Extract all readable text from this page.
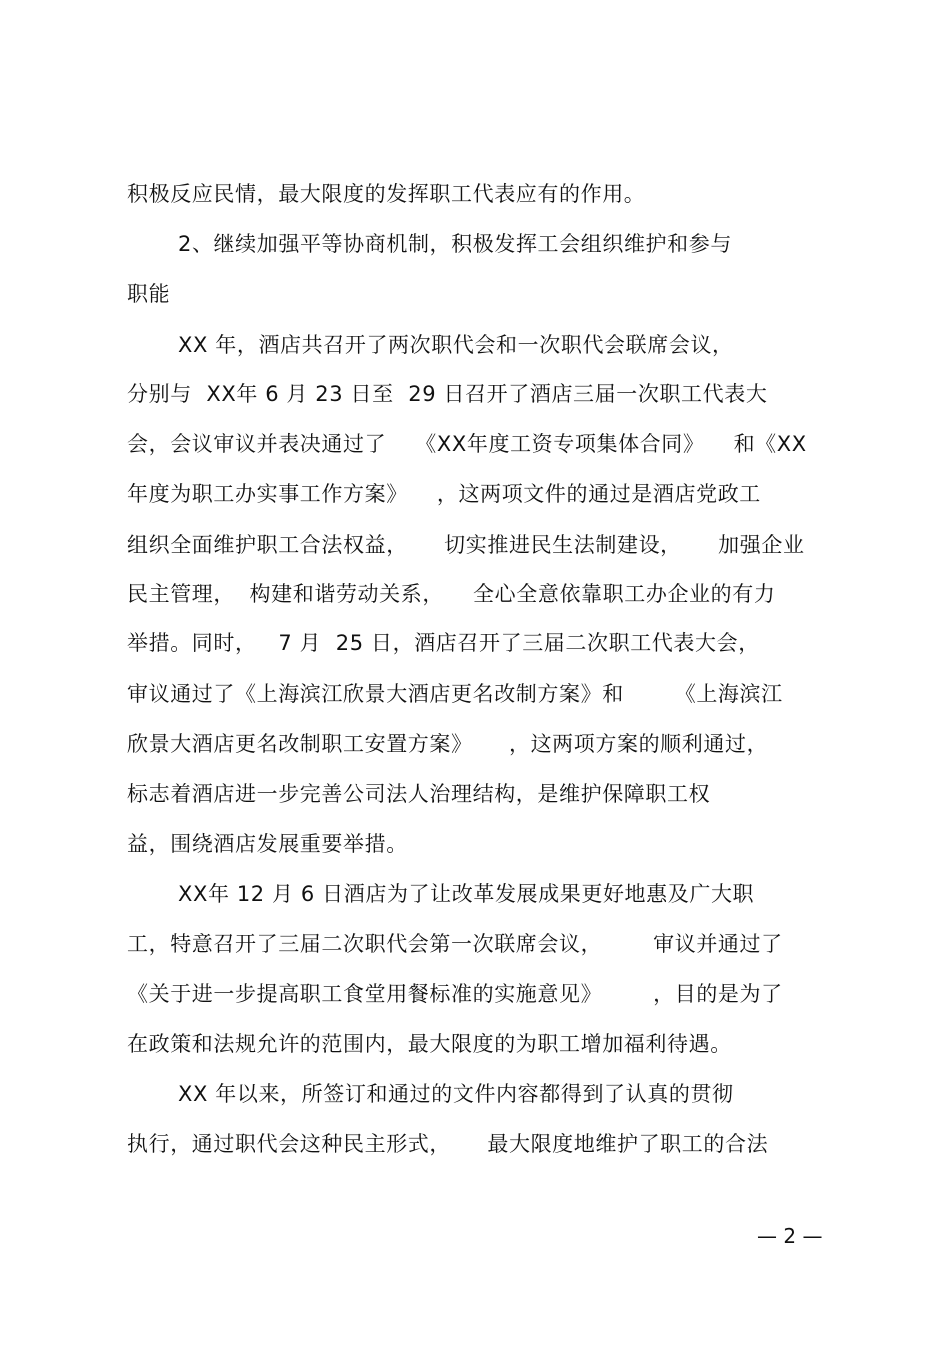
积极反应民情，最大限度的发挥职工代表应有的作用。
2、继续加强平等协商机制，积极发挥工会组织维护和参与
职能
XX 年，酒店共召开了两次职代会和一次职代会联席会议，
分别与  XX年 6 月 23 日至  29 日召开了酒店三届一次职工代表大
会，会议审议并表决通过了    《XX年度工资专项集体合同》    和《XX
年度为职工办实事工作方案》    ，这两项文件的通过是酒店党政工
组织全面维护职工合法权益，     切实推进民生法制建设，     加强企业
民主管理，  构建和谐劳动关系，    全心全意依靠职工办企业的有力
举措。同时，   7 月  25 日，酒店召开了三届二次职工代表大会，
审议通过了《上海滨江欣景大酒店更名改制方案》和       《上海滨江
欣景大酒店更名改制职工安置方案》     ，这两项方案的顺利通过，
标志着酒店进一步完善公司法人治理结构，是维护保障职工权
益，围绕酒店发展重要举措。
XX年 12 月 6 日酒店为了让改革发展成果更好地惠及广大职
工，特意召开了三届二次职代会第一次联席会议，       审议并通过了
《关于进一步提高职工食堂用餐标准的实施意见》       ，目的是为了
在政策和法规允许的范围内，最大限度的为职工增加福利待遇。
XX 年以来，所签订和通过的文件内容都得到了认真的贯彻
执行，通过职代会这种民主形式，     最大限度地维护了职工的合法
— 2 —
